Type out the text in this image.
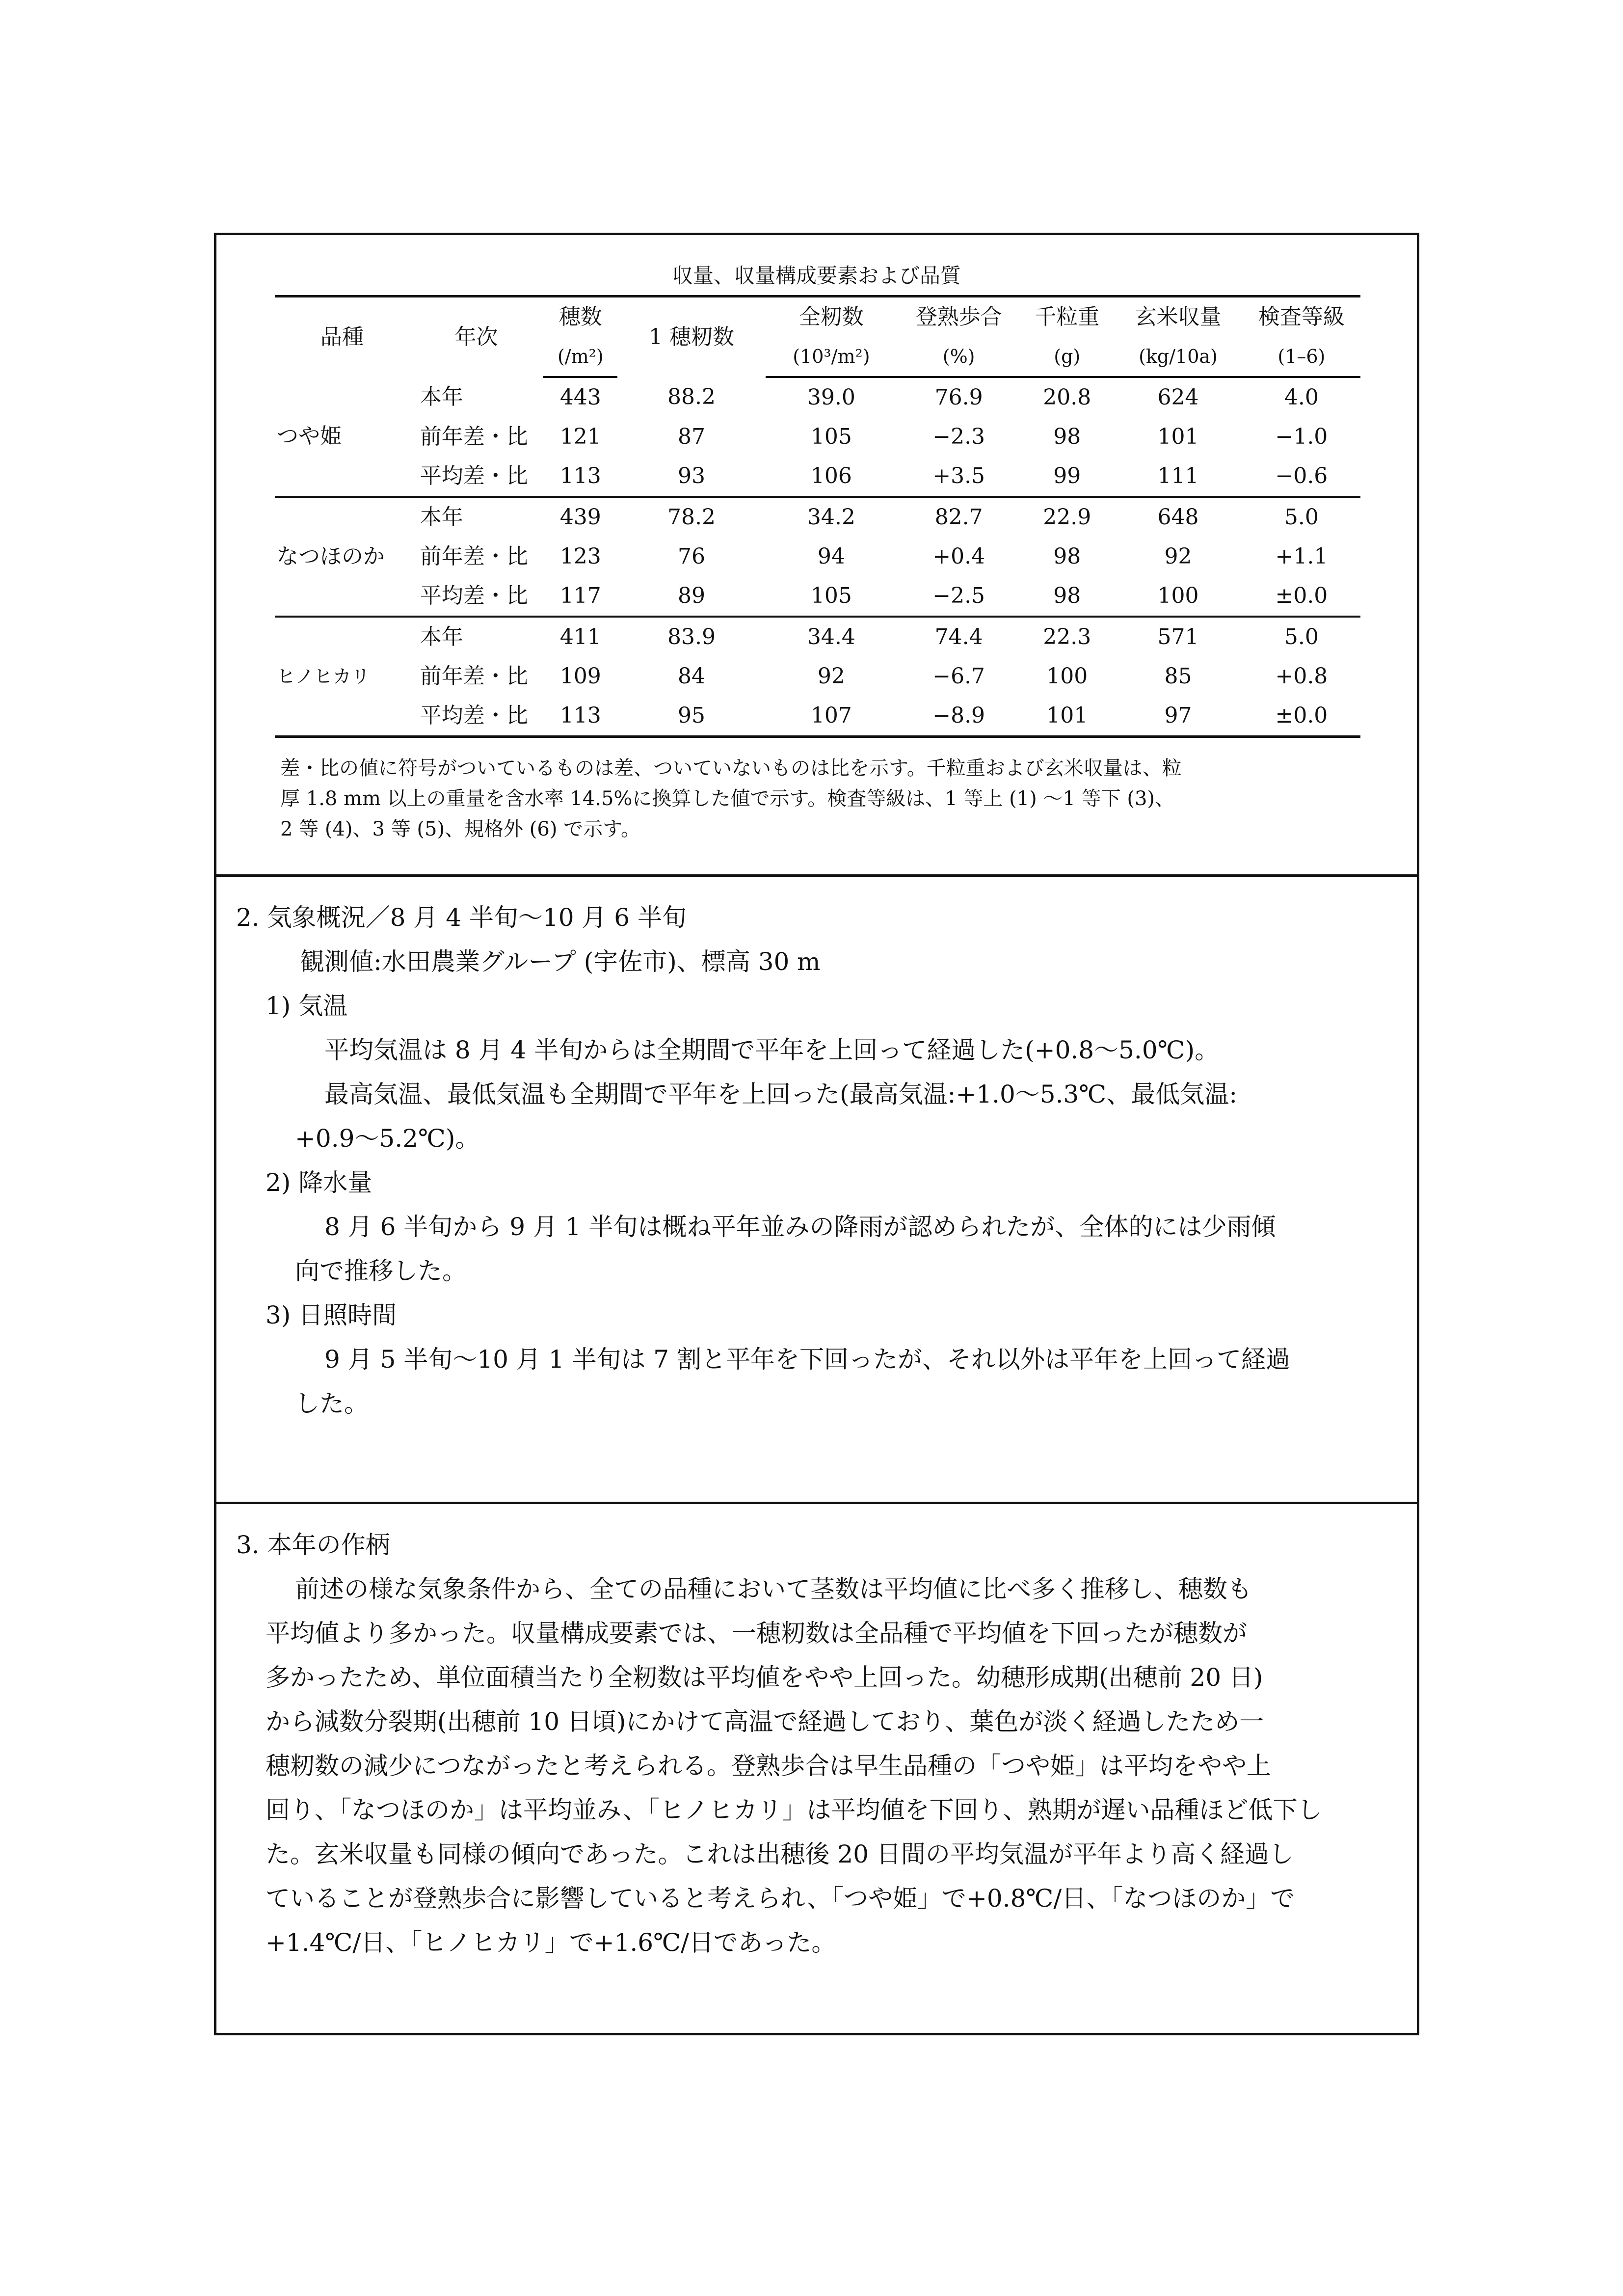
収量、収量構成要素および品質
品種	年次	穂数	1 穂籾数	全籾数	登熟歩合	千粒重	玄米収量	検査等級
		(/m²)		(10³/m²)	(%)	(g)	(kg/10a)	(1–6)
つや姫	本年	443	88.2	39.0	76.9	20.8	624	4.0
	前年差・比	121	87	105	−2.3	98	101	−1.0
	平均差・比	113	93	106	+3.5	99	111	−0.6
なつほのか	本年	439	78.2	34.2	82.7	22.9	648	5.0
	前年差・比	123	76	94	+0.4	98	92	+1.1
	平均差・比	117	89	105	−2.5	98	100	±0.0
ヒノヒカリ	本年	411	83.9	34.4	74.4	22.3	571	5.0
	前年差・比	109	84	92	−6.7	100	85	+0.8
	平均差・比	113	95	107	−8.9	101	97	±0.0
差・比の値に符号がついているものは差、ついていないものは比を示す。千粒重および玄米収量は、粒
厚 1.8 mm 以上の重量を含水率 14.5%に換算した値で示す。検査等級は、1 等上 (1) 〜1 等下 (3)、
2 等 (4)、3 等 (5)、規格外 (6) で示す。
2. 気象概況／8 月 4 半旬〜10 月 6 半旬
観測値:水田農業グループ (宇佐市)、標高 30 m
1) 気温
平均気温は 8 月 4 半旬からは全期間で平年を上回って経過した(+0.8〜5.0℃)。
最高気温、最低気温も全期間で平年を上回った(最高気温:+1.0〜5.3℃、最低気温:
+0.9〜5.2℃)。
2) 降水量
8 月 6 半旬から 9 月 1 半旬は概ね平年並みの降雨が認められたが、全体的には少雨傾
向で推移した。
3) 日照時間
9 月 5 半旬〜10 月 1 半旬は 7 割と平年を下回ったが、それ以外は平年を上回って経過
した。
3. 本年の作柄
前述の様な気象条件から、全ての品種において茎数は平均値に比べ多く推移し、穂数も
平均値より多かった。収量構成要素では、一穂籾数は全品種で平均値を下回ったが穂数が
多かったため、単位面積当たり全籾数は平均値をやや上回った。幼穂形成期(出穂前 20 日)
から減数分裂期(出穂前 10 日頃)にかけて高温で経過しており、葉色が淡く経過したため一
穂籾数の減少につながったと考えられる。登熟歩合は早生品種の「つや姫」は平均をやや上
回り、「なつほのか」は平均並み、「ヒノヒカリ」は平均値を下回り、熟期が遅い品種ほど低下し
た。玄米収量も同様の傾向であった。これは出穂後 20 日間の平均気温が平年より高く経過し
ていることが登熟歩合に影響していると考えられ、「つや姫」で+0.8℃/日、「なつほのか」で
+1.4℃/日、「ヒノヒカリ」で+1.6℃/日であった。
